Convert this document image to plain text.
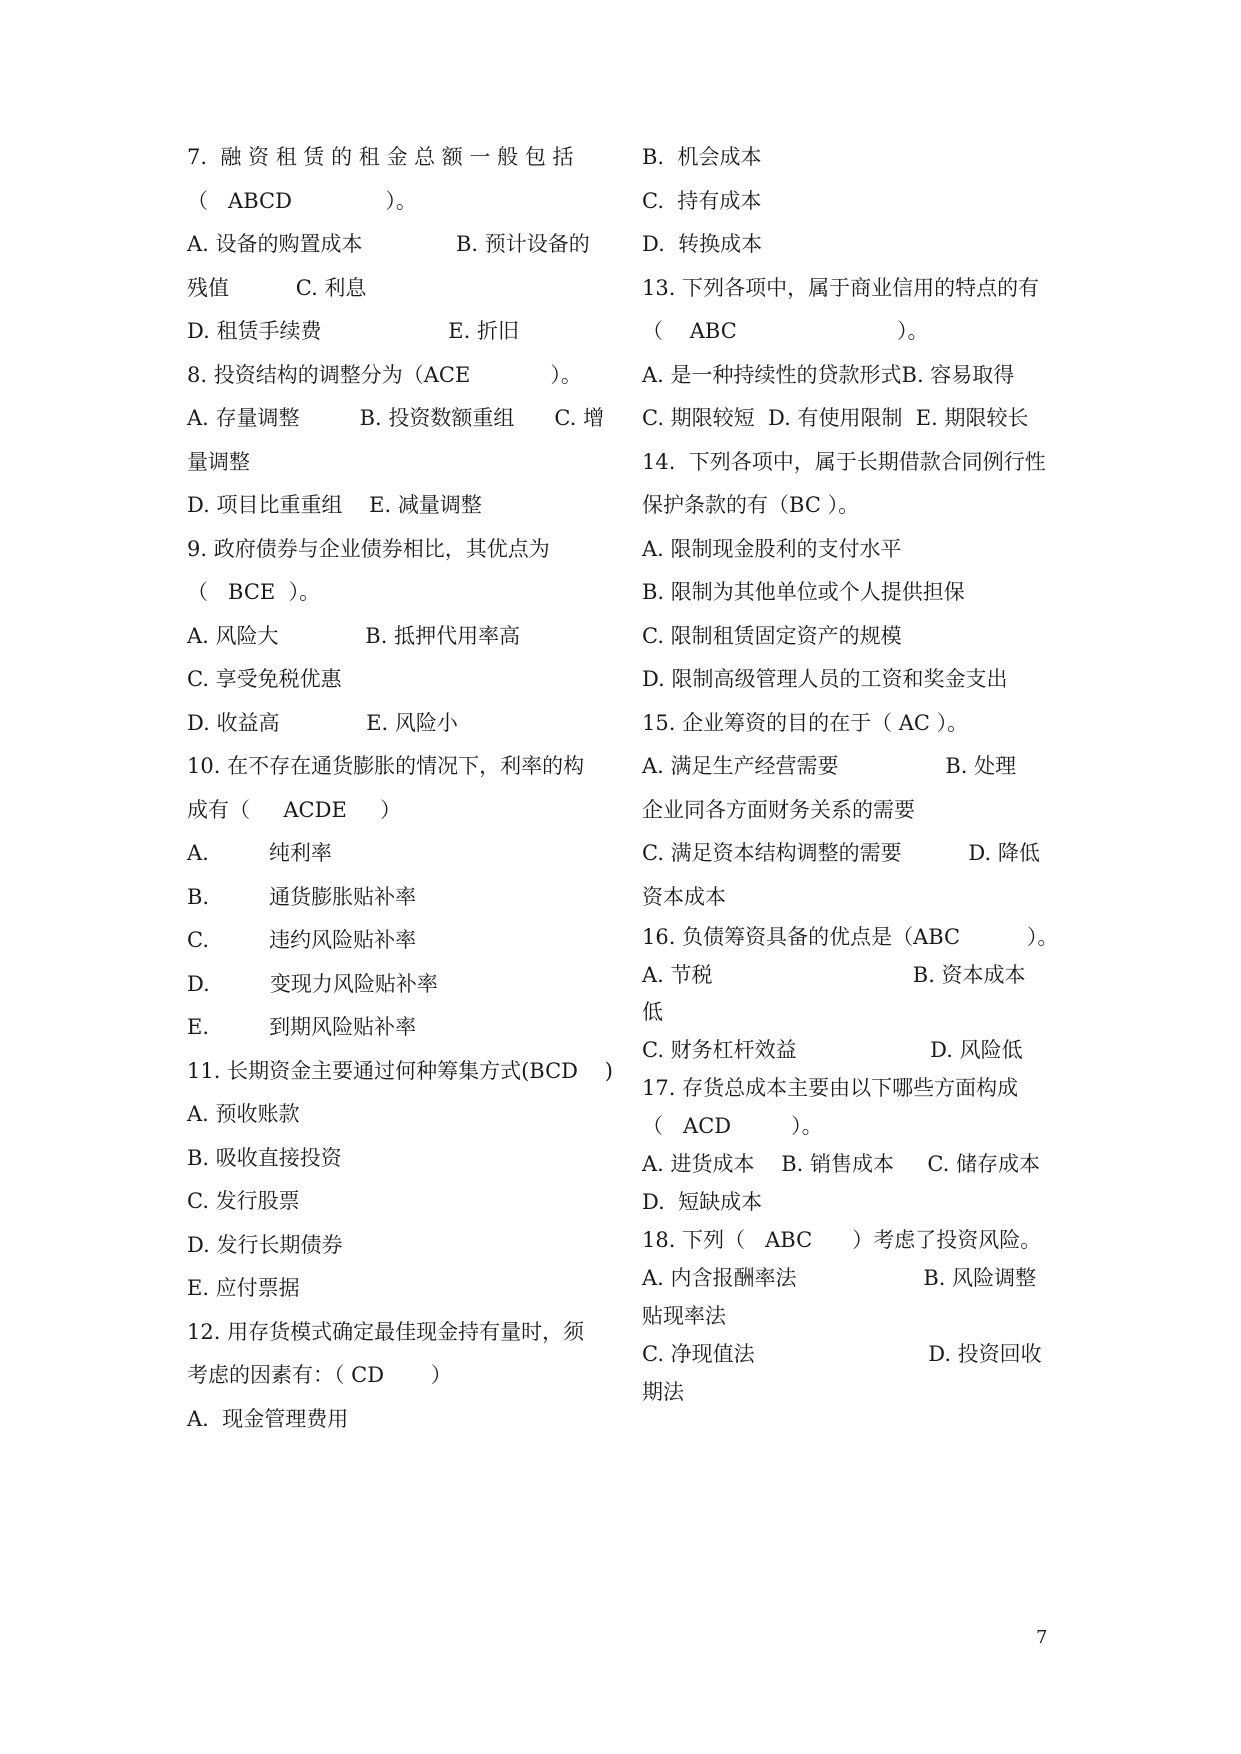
7.  融 资 租 赁 的 租 金 总 额 一 般 包 括
（   ABCD              ）。
A. 设备的购置成本              B. 预计设备的
残值          C. 利息
D. 租赁手续费                   E. 折旧
8. 投资结构的调整分为（ACE            ）。
A. 存量调整         B. 投资数额重组      C. 增
量调整
D. 项目比重重组    E. 减量调整
9. 政府债券与企业债券相比，其优点为
（   BCE  ）。
A. 风险大             B. 抵押代用率高
C. 享受免税优惠
D. 收益高             E. 风险小
10. 在不存在通货膨胀的情况下，利率的构
成有（     ACDE     ）
A.         纯利率
B.         通货膨胀贴补率
C.         违约风险贴补率
D.         变现力风险贴补率
E.         到期风险贴补率
11. 长期资金主要通过何种筹集方式(BCD    )
A. 预收账款
B. 吸收直接投资
C. 发行股票
D. 发行长期债券
E. 应付票据
12. 用存货模式确定最佳现金持有量时，须
考虑的因素有：（ CD       ）
A.  现金管理费用
B.  机会成本
C.  持有成本
D.  转换成本
13. 下列各项中，属于商业信用的特点的有
（    ABC                        ）。
A. 是一种持续性的贷款形式B. 容易取得
C. 期限较短  D. 有使用限制  E. 期限较长
14.  下列各项中，属于长期借款合同例行性
保护条款的有（BC ）。
A. 限制现金股利的支付水平
B. 限制为其他单位或个人提供担保
C. 限制租赁固定资产的规模
D. 限制高级管理人员的工资和奖金支出
15. 企业筹资的目的在于（ AC ）。
A. 满足生产经营需要                B. 处理
企业同各方面财务关系的需要
C. 满足资本结构调整的需要          D. 降低
资本成本
16. 负债筹资具备的优点是（ABC          ）。
A. 节税                              B. 资本成本
低
C. 财务杠杆效益                    D. 风险低
17. 存货总成本主要由以下哪些方面构成
（   ACD         ）。
A. 进货成本    B. 销售成本     C. 储存成本
D.  短缺成本
18. 下列（   ABC      ）考虑了投资风险。
A. 内含报酬率法                   B. 风险调整
贴现率法
C. 净现值法                          D. 投资回收
期法
7
